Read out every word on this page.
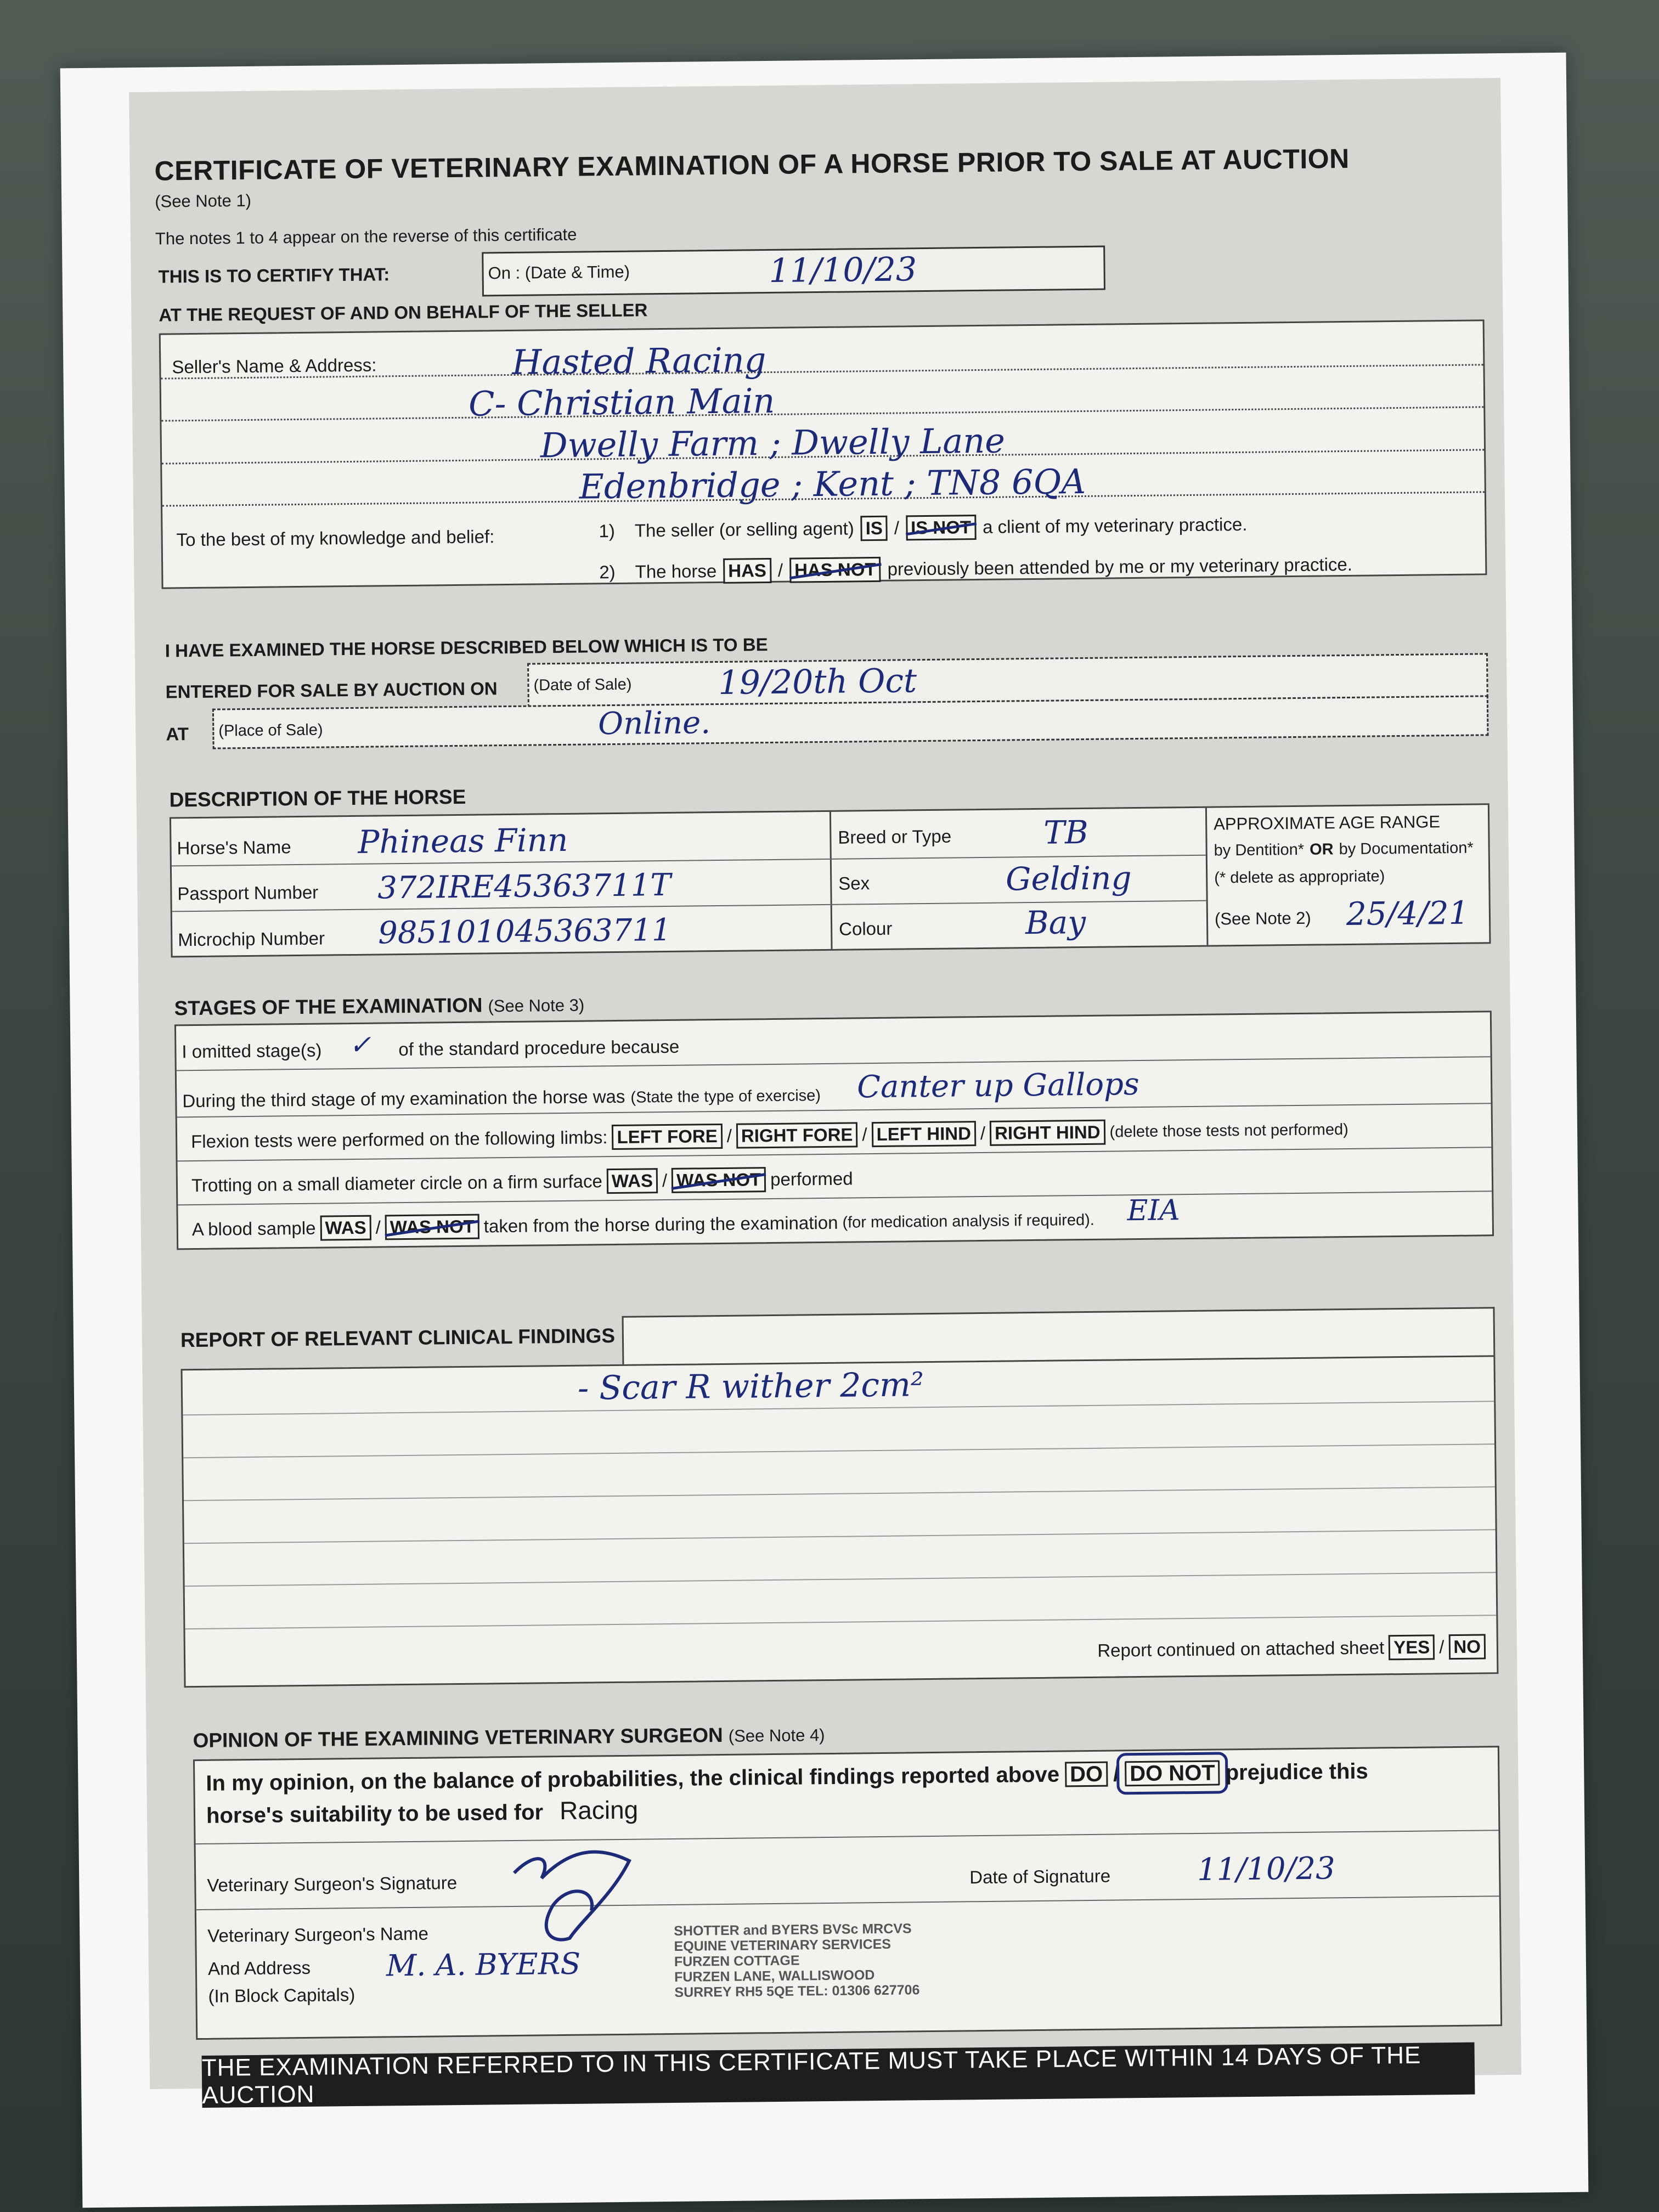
CERTIFICATE OF VETERINARY EXAMINATION OF A HORSE PRIOR TO SALE AT AUCTION
(See Note 1)
The notes 1 to 4 appear on the reverse of this certificate
THIS IS TO CERTIFY THAT:	On : (Date & Time)	11/10/23
AT THE REQUEST OF AND ON BEHALF OF THE SELLER
Seller's Name & Address:	Hasted Racing
C- Christian Main
Dwelly Farm ; Dwelly Lane
Edenbridge ; Kent ; TN8 6QA
To the best of my knowledge and belief:	1) The seller (or selling agent) IS / IS NOT a client of my veterinary practice.
2) The horse HAS / HAS NOT previously been attended by me or my veterinary practice.
I HAVE EXAMINED THE HORSE DESCRIBED BELOW WHICH IS TO BE
ENTERED FOR SALE BY AUCTION ON (Date of Sale)	19/20th Oct
AT (Place of Sale)	Online.
DESCRIPTION OF THE HORSE
Horse's Name Phineas Finn
Passport Number 372IRE45363711T
Microchip Number 985101045363711
Breed or Type	TB
Sex	Gelding
Colour	Bay
APPROXIMATE AGE RANGE
by Dentition* OR by Documentation*
(* delete as appropriate)
(See Note 2) 25/4/21
STAGES OF THE EXAMINATION (See Note 3)
I omitted stage(s)	of the standard procedure because
✓
During the third stage of my examination the horse was (State the type of exercise) Canter up Gallops
Flexion tests were performed on the following limbs: LEFT FORE / RIGHT FORE / LEFT HIND / RIGHT HIND (delete those tests not performed)
Trotting on a small diameter circle on a firm surface WAS / WAS NOT performed
A blood sample WAS / WAS NOT taken from the horse during the examination (for medication analysis if required). EIA
REPORT OF RELEVANT CLINICAL FINDINGS
- Scar R wither 2cm²
Report continued on attached sheet YES / NO
OPINION OF THE EXAMINING VETERINARY SURGEON (See Note 4)
In my opinion, on the balance of probabilities, the clinical findings reported above DO / DO NOT prejudice this
horse's suitability to be used for Racing
Veterinary Surgeon's Signature	Date of Signature	11/10/23
Veterinary Surgeon's Name
And Address
(In Block Capitals)
M. A. BYERS
SHOTTER and BYERS BVSc MRCVS
EQUINE VETERINARY SERVICES
FURZEN COTTAGE
FURZEN LANE, WALLISWOOD
SURREY RH5 5QE TEL: 01306 627706
THE EXAMINATION REFERRED TO IN THIS CERTIFICATE MUST TAKE PLACE WITHIN 14 DAYS OF THE AUCTION
